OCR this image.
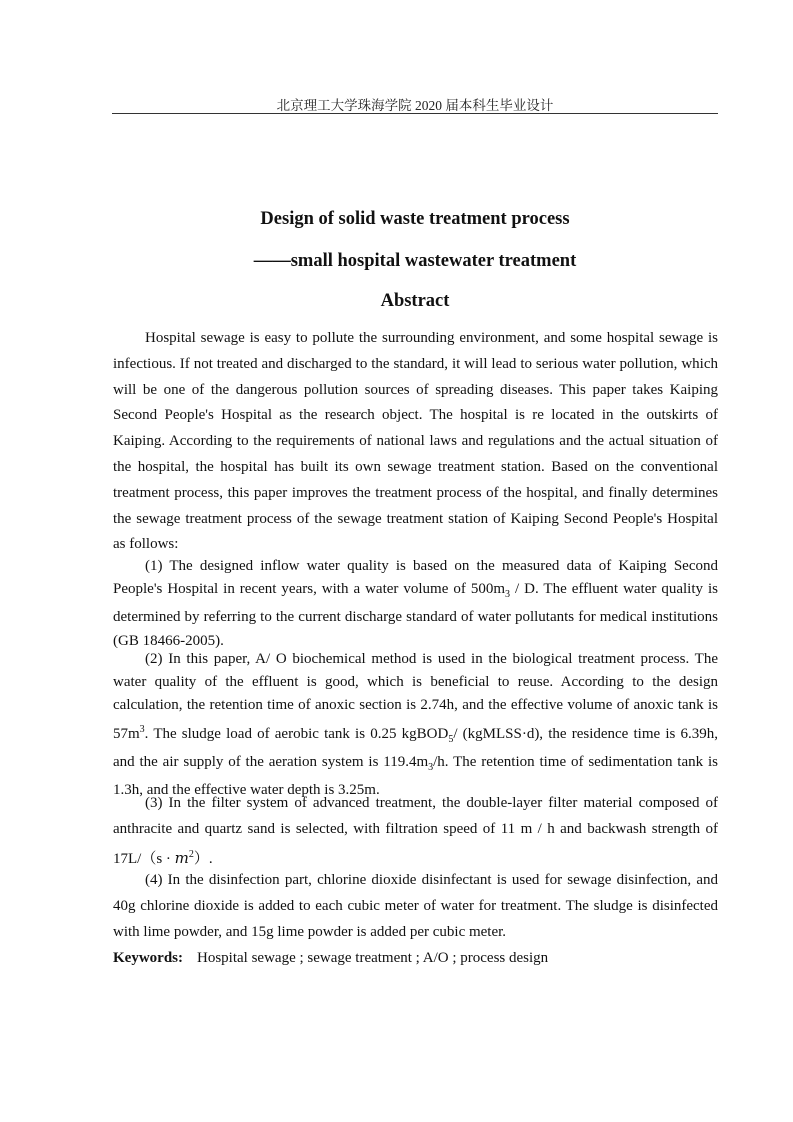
北京理工大学珠海学院 2020 届本科生毕业设计
Design of solid waste treatment process
——small hospital wastewater treatment
Abstract

Hospital sewage is easy to pollute the surrounding environment, and some hospital sewage is infectious. If not treated and discharged to the standard, it will lead to serious water pollution, which will be one of the dangerous pollution sources of spreading diseases. This paper takes Kaiping Second People's Hospital as the research object. The hospital is re located in the outskirts of Kaiping. According to the requirements of national laws and regulations and the actual situation of the hospital, the hospital has built its own sewage treatment station. Based on the conventional treatment process, this paper improves the treatment process of the hospital, and finally determines the sewage treatment process of the sewage treatment station of Kaiping Second People's Hospital as follows:

(1) The designed inflow water quality is based on the measured data of Kaiping Second People's Hospital in recent years, with a water volume of $500m_3$ / D. The effluent water quality is determined by referring to the current discharge standard of water pollutants for medical institutions (GB 18466-2005).

(2) In this paper, A/ O biochemical method is used in the biological treatment process. The water quality of the effluent is good, which is beneficial to reuse. According to the design calculation, the retention time of anoxic section is 2.74h, and the effective volume of anoxic tank is $57m^3$. The sludge load of aerobic tank is 0.25 kgBOD$_5$/ (kgMLSS·d), the residence time is 6.39h, and the air supply of the aeration system is $119.4m_3/h$. The retention time of sedimentation tank is 1.3h, and the effective water depth is 3.25m.

(3) In the filter system of advanced treatment, the double-layer filter material composed of anthracite and quartz sand is selected, with filtration speed of 11 m / h and backwash strength of $17L/(s \cdot m^2)$.

(4) In the disinfection part, chlorine dioxide disinfectant is used for sewage disinfection, and 40g chlorine dioxide is added to each cubic meter of water for treatment. The sludge is disinfected with lime powder, and 15g lime powder is added per cubic meter.

Keywords: Hospital sewage ; sewage treatment ; A/O ; process design
